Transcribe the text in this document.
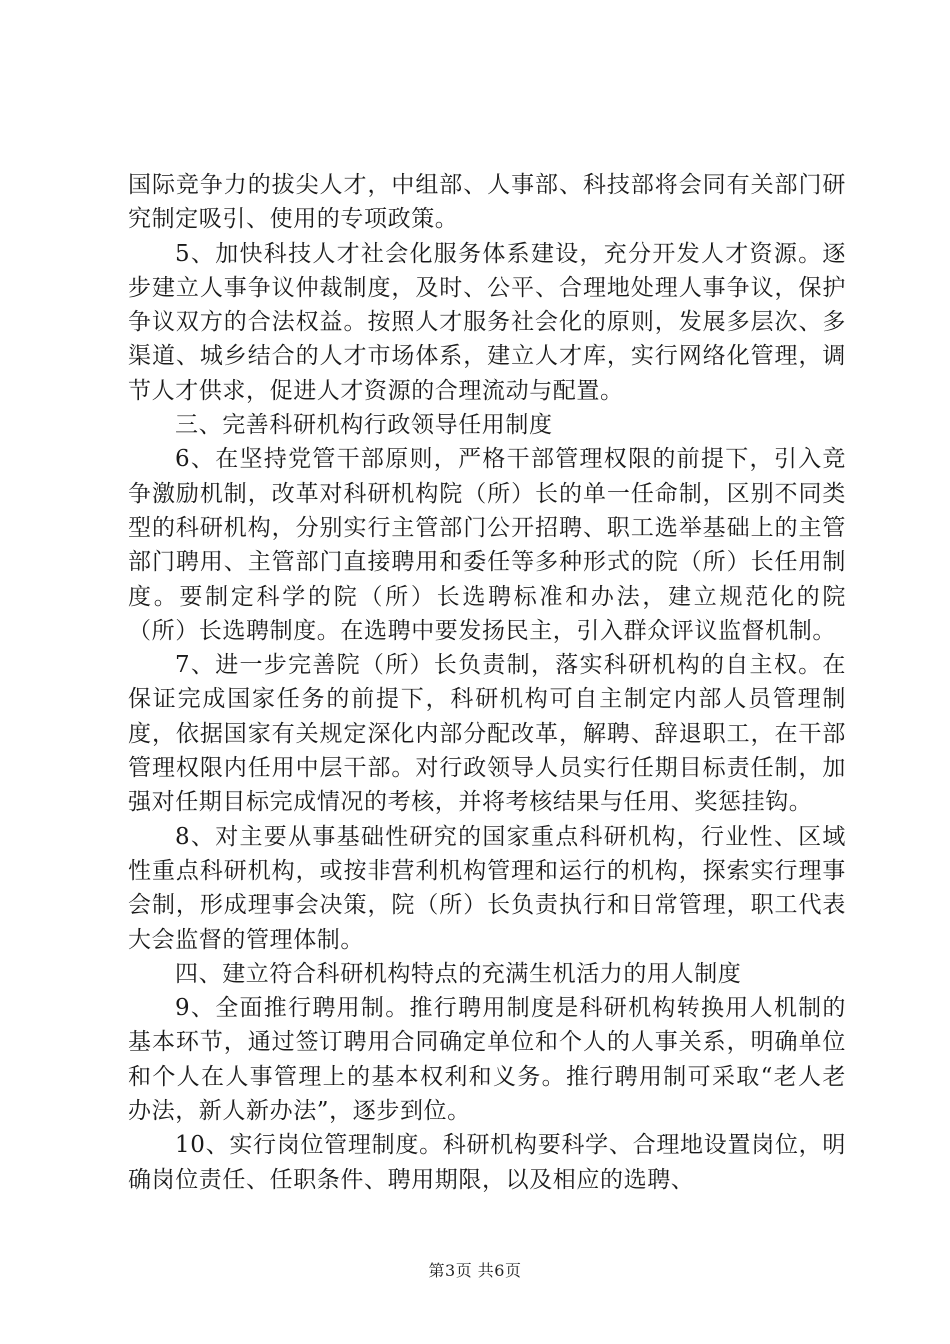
国际竞争力的拔尖人才，中组部、人事部、科技部将会同有关部门研究制定吸引、使用的专项政策。

5、加快科技人才社会化服务体系建设，充分开发人才资源。逐步建立人事争议仲裁制度，及时、公平、合理地处理人事争议，保护争议双方的合法权益。按照人才服务社会化的原则，发展多层次、多渠道、城乡结合的人才市场体系，建立人才库，实行网络化管理，调节人才供求，促进人才资源的合理流动与配置。

三、完善科研机构行政领导任用制度

6、在坚持党管干部原则，严格干部管理权限的前提下，引入竞争激励机制，改革对科研机构院（所）长的单一任命制，区别不同类型的科研机构，分别实行主管部门公开招聘、职工选举基础上的主管部门聘用、主管部门直接聘用和委任等多种形式的院（所）长任用制度。要制定科学的院（所）长选聘标准和办法，建立规范化的院（所）长选聘制度。在选聘中要发扬民主，引入群众评议监督机制。

7、进一步完善院（所）长负责制，落实科研机构的自主权。在保证完成国家任务的前提下，科研机构可自主制定内部人员管理制度，依据国家有关规定深化内部分配改革，解聘、辞退职工，在干部管理权限内任用中层干部。对行政领导人员实行任期目标责任制，加强对任期目标完成情况的考核，并将考核结果与任用、奖惩挂钩。

8、对主要从事基础性研究的国家重点科研机构，行业性、区域性重点科研机构，或按非营利机构管理和运行的机构，探索实行理事会制，形成理事会决策，院（所）长负责执行和日常管理，职工代表大会监督的管理体制。

四、建立符合科研机构特点的充满生机活力的用人制度

9、全面推行聘用制。推行聘用制度是科研机构转换用人机制的基本环节，通过签订聘用合同确定单位和个人的人事关系，明确单位和个人在人事管理上的基本权利和义务。推行聘用制可采取“老人老办法，新人新办法”，逐步到位。

10、实行岗位管理制度。科研机构要科学、合理地设置岗位，明确岗位责任、任职条件、聘用期限，以及相应的选聘、

第3页 共6页
